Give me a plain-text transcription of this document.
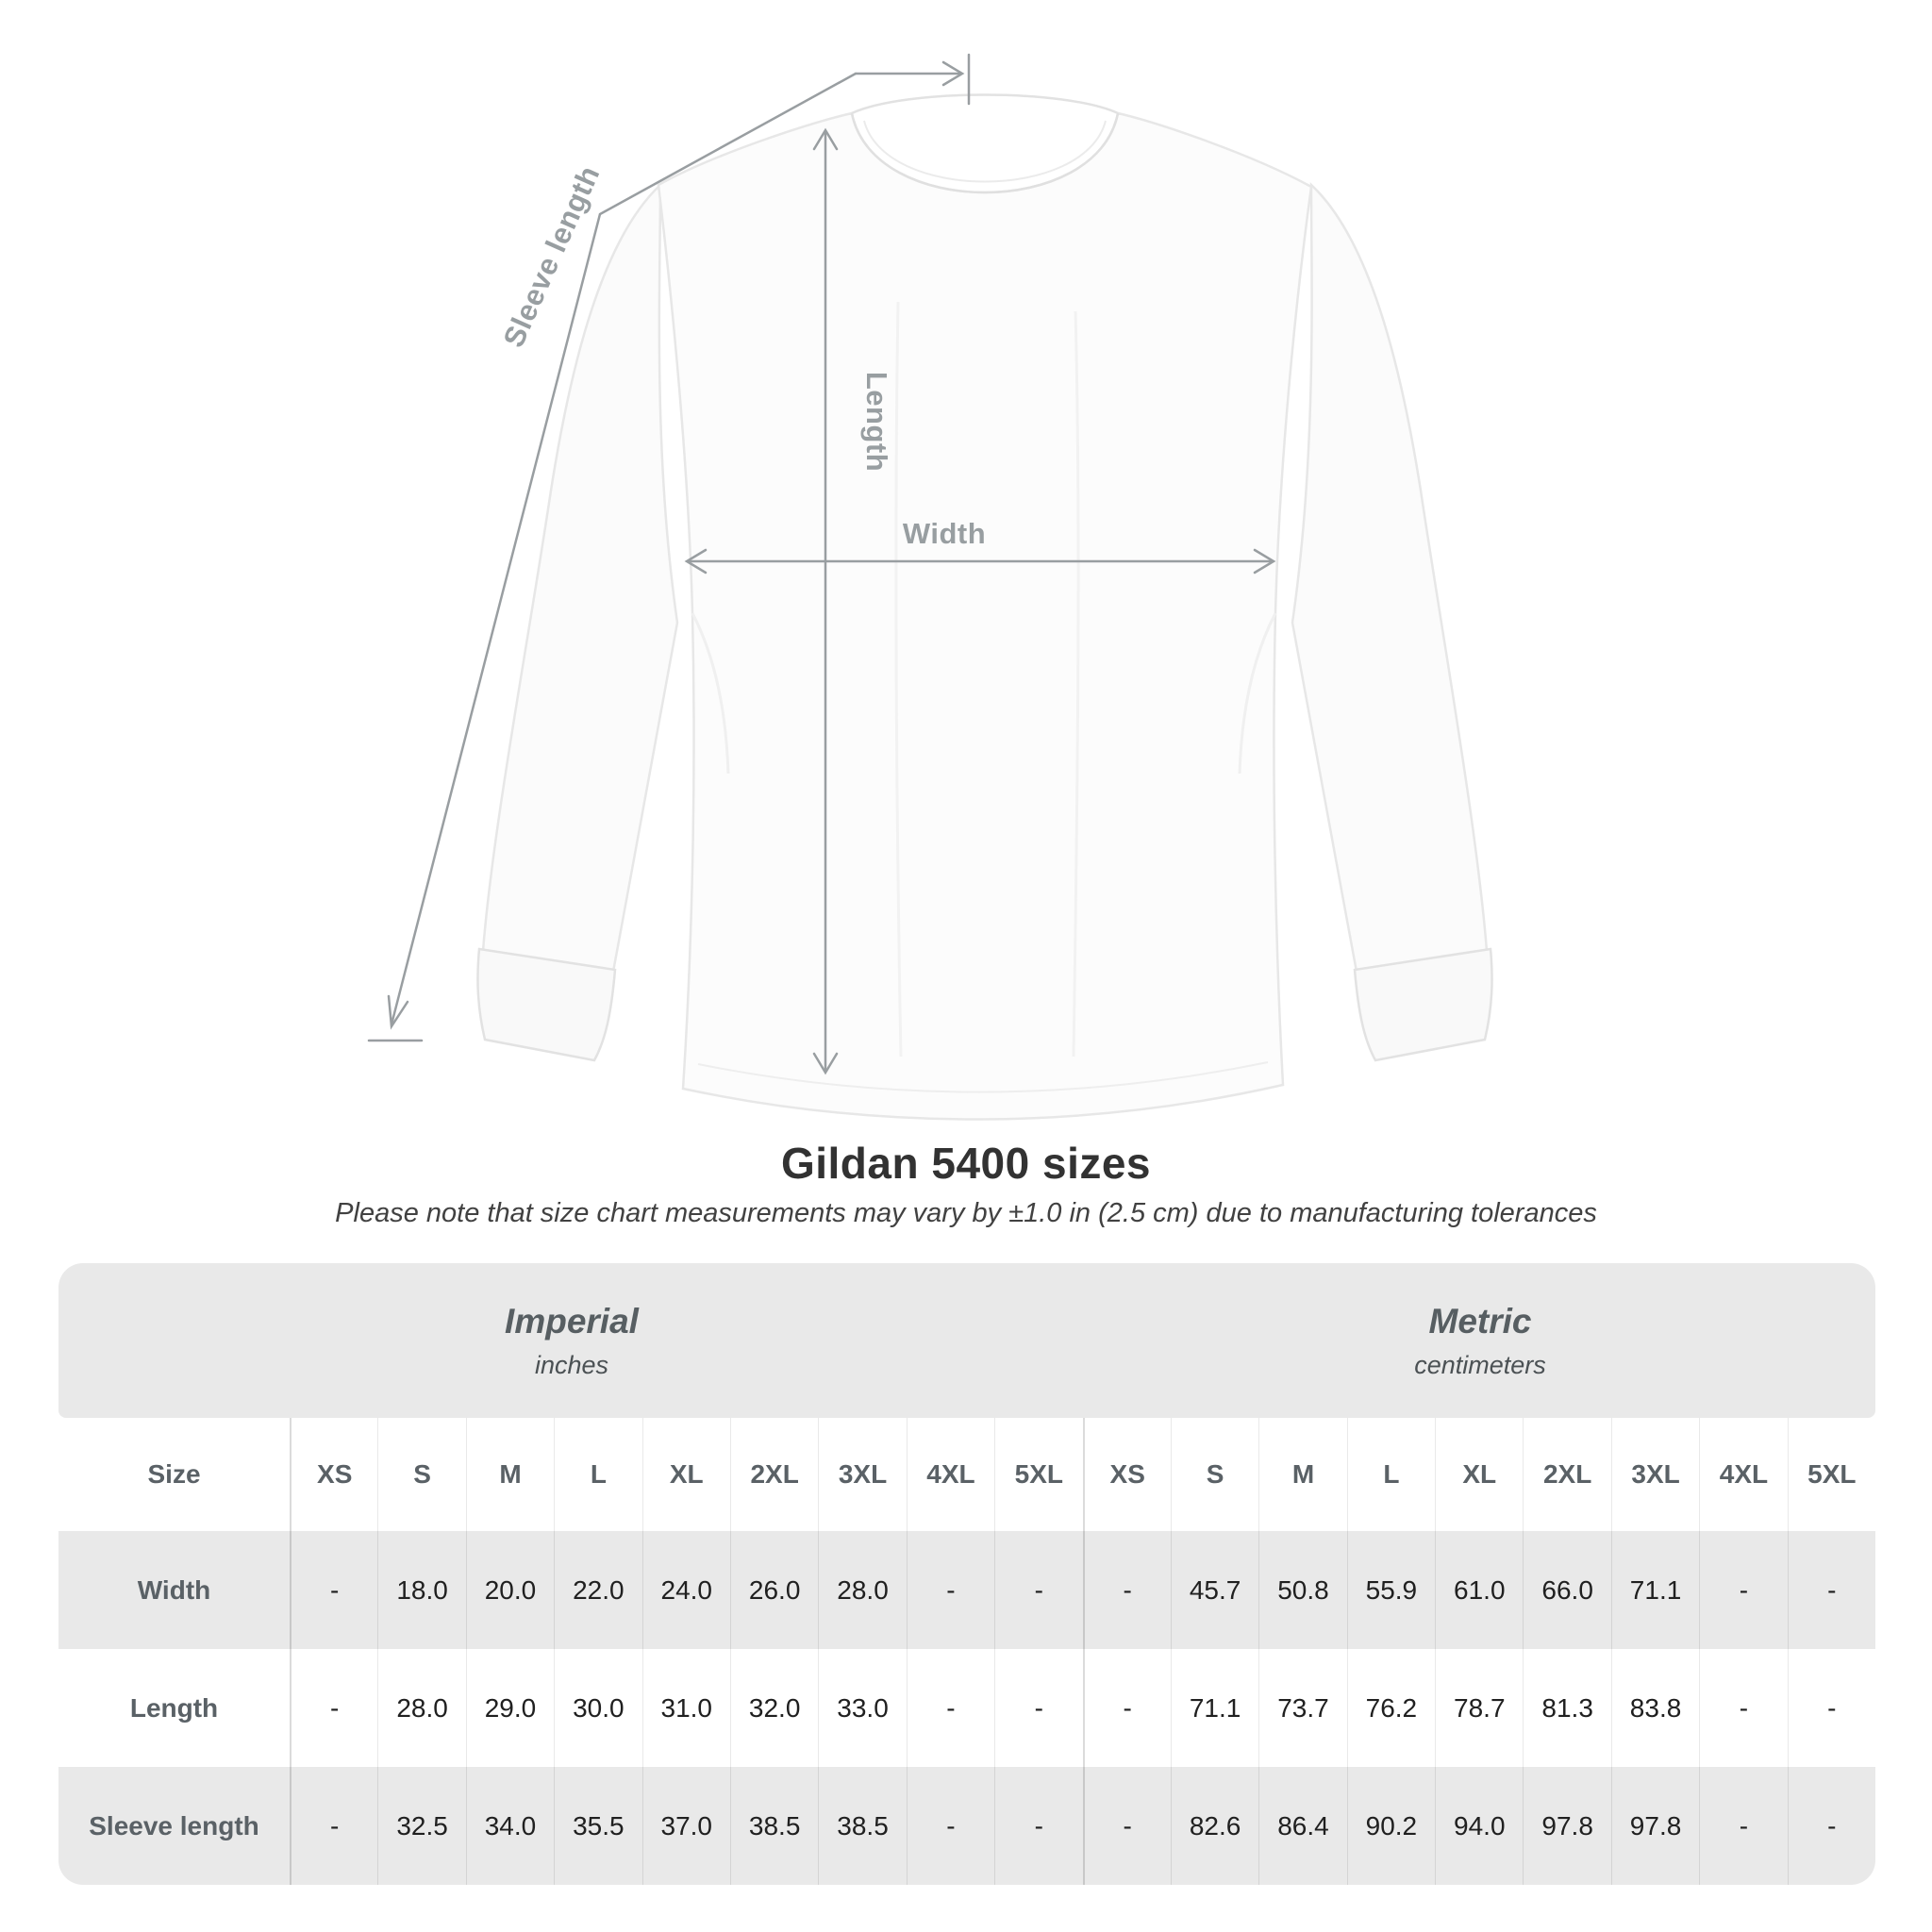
Sleeve length
Length
Width
Gildan 5400 sizes
Please note that size chart measurements may vary by ±1.0 in (2.5 cm) due to manufacturing tolerances
Imperial
inches
Metric
centimeters
Size	XS	S	M	L	XL	2XL	3XL	4XL	5XL	XS	S	M	L	XL	2XL	3XL	4XL	5XL
Width	-	18.0	20.0	22.0	24.0	26.0	28.0	-	-	-	45.7	50.8	55.9	61.0	66.0	71.1	-	-
Length	-	28.0	29.0	30.0	31.0	32.0	33.0	-	-	-	71.1	73.7	76.2	78.7	81.3	83.8	-	-
Sleeve length	-	32.5	34.0	35.5	37.0	38.5	38.5	-	-	-	82.6	86.4	90.2	94.0	97.8	97.8	-	-
